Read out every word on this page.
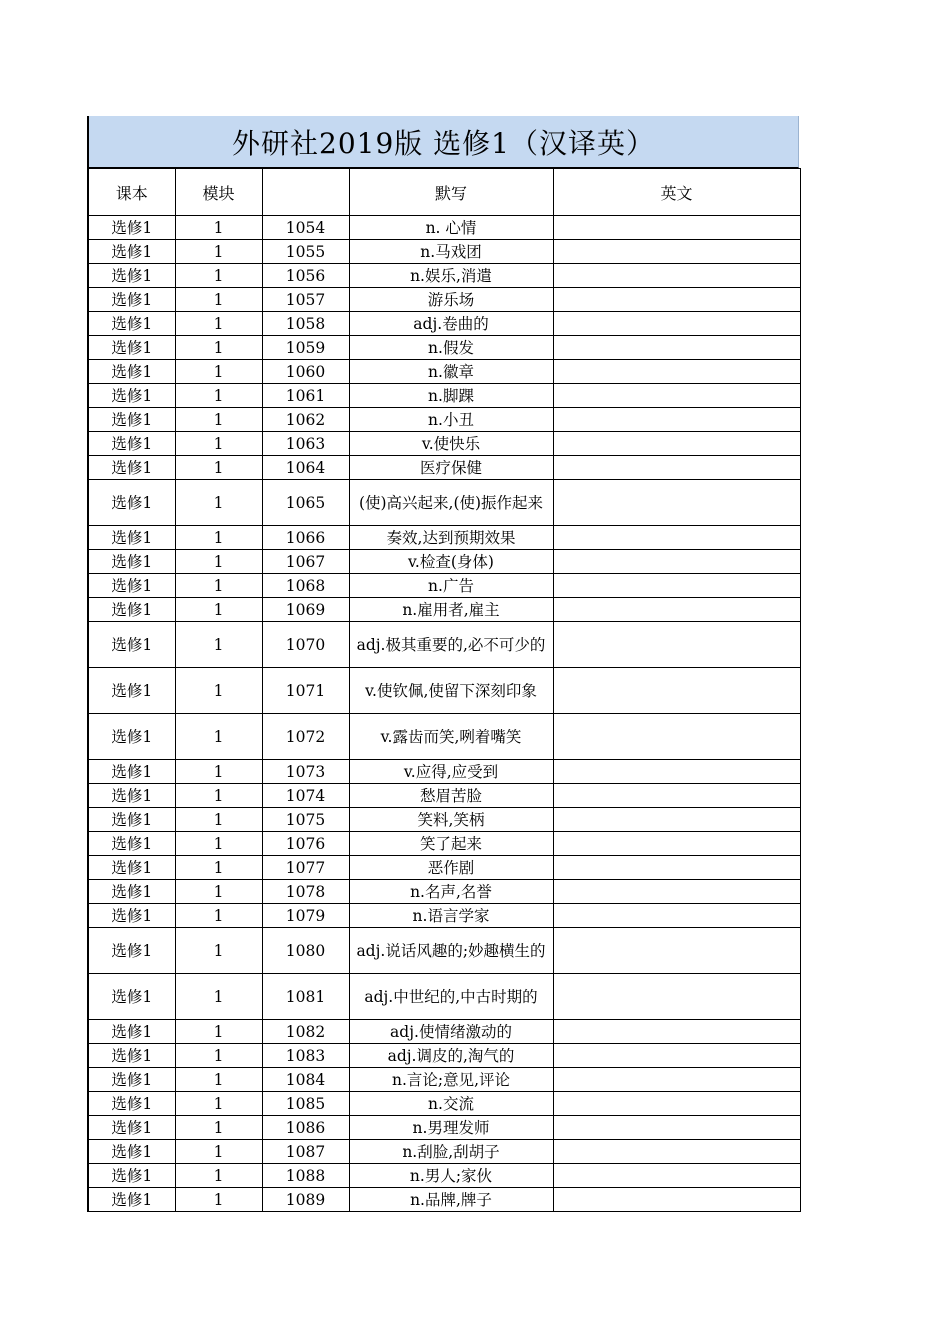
外研社2019版 选修1（汉译英）
课本	模块		默写	英文
选修1	1	1054	n. 心情	
选修1	1	1055	n.马戏团	
选修1	1	1056	n.娱乐,消遣	
选修1	1	1057	游乐场	
选修1	1	1058	adj.卷曲的	
选修1	1	1059	n.假发	
选修1	1	1060	n.徽章	
选修1	1	1061	n.脚踝	
选修1	1	1062	n.小丑	
选修1	1	1063	v.使快乐	
选修1	1	1064	医疗保健	
选修1	1	1065	(使)高兴起来,(使)振作起来	
选修1	1	1066	奏效,达到预期效果	
选修1	1	1067	v.检查(身体)	
选修1	1	1068	n.广告	
选修1	1	1069	n.雇用者,雇主	
选修1	1	1070	adj.极其重要的,必不可少的	
选修1	1	1071	v.使钦佩,使留下深刻印象	
选修1	1	1072	v.露齿而笑,咧着嘴笑	
选修1	1	1073	v.应得,应受到	
选修1	1	1074	愁眉苦脸	
选修1	1	1075	笑料,笑柄	
选修1	1	1076	笑了起来	
选修1	1	1077	恶作剧	
选修1	1	1078	n.名声,名誉	
选修1	1	1079	n.语言学家	
选修1	1	1080	adj.说话风趣的;妙趣横生的	
选修1	1	1081	adj.中世纪的,中古时期的	
选修1	1	1082	adj.使情绪激动的	
选修1	1	1083	adj.调皮的,淘气的	
选修1	1	1084	n.言论;意见,评论	
选修1	1	1085	n.交流	
选修1	1	1086	n.男理发师	
选修1	1	1087	n.刮脸,刮胡子	
选修1	1	1088	n.男人;家伙	
选修1	1	1089	n.品牌,牌子	
